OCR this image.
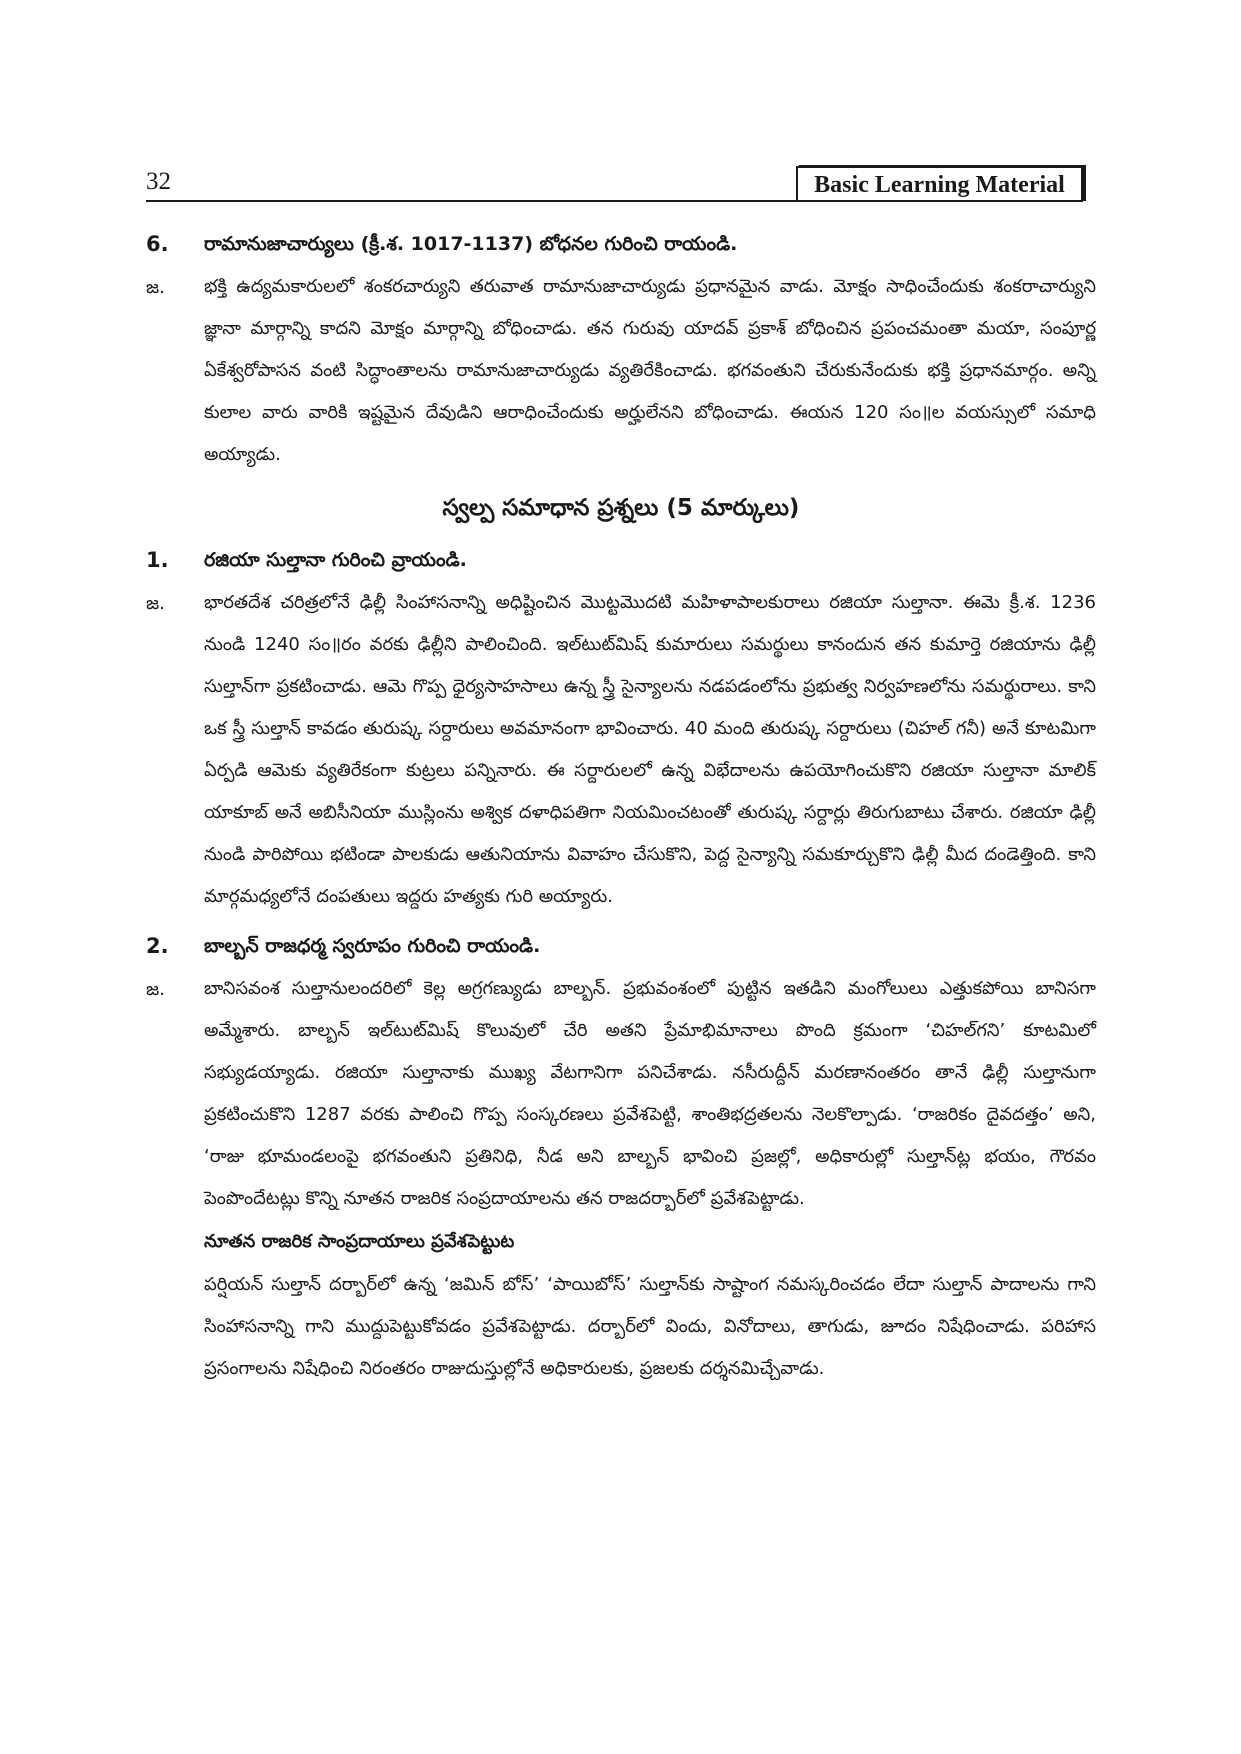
32	Basic Learning Material
6.	రామానుజాచార్యులు (క్రీ.శ. 1017-1137) బోధనల గురించి రాయండి.
జ.	భక్తి ఉద్యమకారులలో శంకరచార్యుని తరువాత రామానుజాచార్యుడు ప్రధానమైన వాడు. మోక్షం సాధించేందుకు శంకరాచార్యుని జ్ఞానా మార్గాన్ని కాదని మోక్షం మార్గాన్ని బోధించాడు. తన గురువు యాదవ్ ప్రకాశ్ బోధించిన ప్రపంచమంతా మయా, సంపూర్ణ ఏకేశ్వరోపాసన వంటి సిద్ధాంతాలను రామానుజాచార్యుడు వ్యతిరేకించాడు. భగవంతుని చేరుకునేందుకు భక్తి ప్రధానమార్గం. అన్ని కులాల వారు వారికి ఇష్టమైన దేవుడిని ఆరాధించేందుకు అర్హులేనని బోధించాడు. ఈయన 120 సం॥ల వయస్సులో సమాధి అయ్యాడు.
స్వల్ప సమాధాన ప్రశ్నలు (5 మార్కులు)
1.	రజియా సుల్తానా గురించి వ్రాయండి.
జ.	భారతదేశ చరిత్రలోనే ఢిల్లీ సింహాసనాన్ని అధిష్టించిన మొట్టమొదటి మహిళాపాలకురాలు రజియా సుల్తానా. ఈమె క్రీ.శ. 1236 నుండి 1240 సం॥రం వరకు ఢిల్లీని పాలించింది. ఇల్‌టుట్‌మిష్ కుమారులు సమర్థులు కానందున తన కుమార్తె రజియాను ఢిల్లీ సుల్తాన్‌గా ప్రకటించాడు. ఆమె గొప్ప ధైర్యసాహసాలు ఉన్న స్త్రీ సైన్యాలను నడపడంలోను ప్రభుత్వ నిర్వహణలోను సమర్థురాలు. కాని ఒక స్త్రీ సుల్తాన్ కావడం తురుష్క సర్దారులు అవమానంగా భావించారు. 40 మంది తురుష్క సర్దారులు (చిహల్ గనీ) అనే కూటమిగా ఏర్పడి ఆమెకు వ్యతిరేకంగా కుట్రలు పన్నినారు. ఈ సర్దారులలో ఉన్న విభేదాలను ఉపయోగించుకొని రజియా సుల్తానా మాలిక్ యాకూబ్ అనే అబిసీనియా ముస్లింను అశ్విక దళాధిపతిగా నియమించటంతో తురుష్క సర్దార్లు తిరుగుబాటు చేశారు. రజియా ఢిల్లీ నుండి పారిపోయి భటిండా పాలకుడు ఆతునియాను వివాహం చేసుకొని, పెద్ద సైన్యాన్ని సమకూర్చుకొని ఢిల్లీ మీద దండెత్తింది. కాని మార్గమధ్యలోనే దంపతులు ఇద్దరు హత్యకు గురి అయ్యారు.
2.	బాల్బన్ రాజధర్మ స్వరూపం గురించి రాయండి.
జ.	బానిసవంశ సుల్తానులందరిలో కెల్ల అగ్రగణ్యుడు బాల్బన్. ప్రభువంశంలో పుట్టిన ఇతడిని మంగోలులు ఎత్తుకపోయి బానిసగా అమ్మేశారు. బాల్బన్ ఇల్‌టుట్‌మిష్ కొలువులో చేరి అతని ప్రేమాభిమానాలు పొంది క్రమంగా ‘చిహల్‌గని’ కూటమిలో సభ్యుడయ్యాడు. రజియా సుల్తానాకు ముఖ్య వేటగానిగా పనిచేశాడు. నసీరుద్దీన్ మరణానంతరం తానే ఢిల్లీ సుల్తానుగా ప్రకటించుకొని 1287 వరకు పాలించి గొప్ప సంస్కరణలు ప్రవేశపెట్టి, శాంతిభద్రతలను నెలకొల్పాడు. ‘రాజరికం దైవదత్తం’ అని, ‘రాజు భూమండలంపై భగవంతుని ప్రతినిధి, నీడ అని బాల్బన్ భావించి ప్రజల్లో, అధికారుల్లో సుల్తాన్‌ట్ల భయం, గౌరవం పెంపొందేటట్లు కొన్ని నూతన రాజరిక సంప్రదాయాలను తన రాజదర్బార్‌లో ప్రవేశపెట్టాడు.
నూతన రాజరిక సాంప్రదాయాలు ప్రవేశపెట్టుట
పర్షియన్ సుల్తాన్ దర్బార్‌లో ఉన్న ‘జమిన్ బోస్’ ‘పాయిబోస్’ సుల్తాన్‌కు సాష్టాంగ నమస్కరించడం లేదా సుల్తాన్ పాదాలను గాని సింహాసనాన్ని గాని ముద్దుపెట్టుకోవడం ప్రవేశపెట్టాడు. దర్బార్‌లో విందు, వినోదాలు, తాగుడు, జూదం నిషేధించాడు. పరిహాస ప్రసంగాలను నిషేధించి నిరంతరం రాజుదుస్తుల్లోనే అధికారులకు, ప్రజలకు దర్శనమిచ్చేవాడు.
